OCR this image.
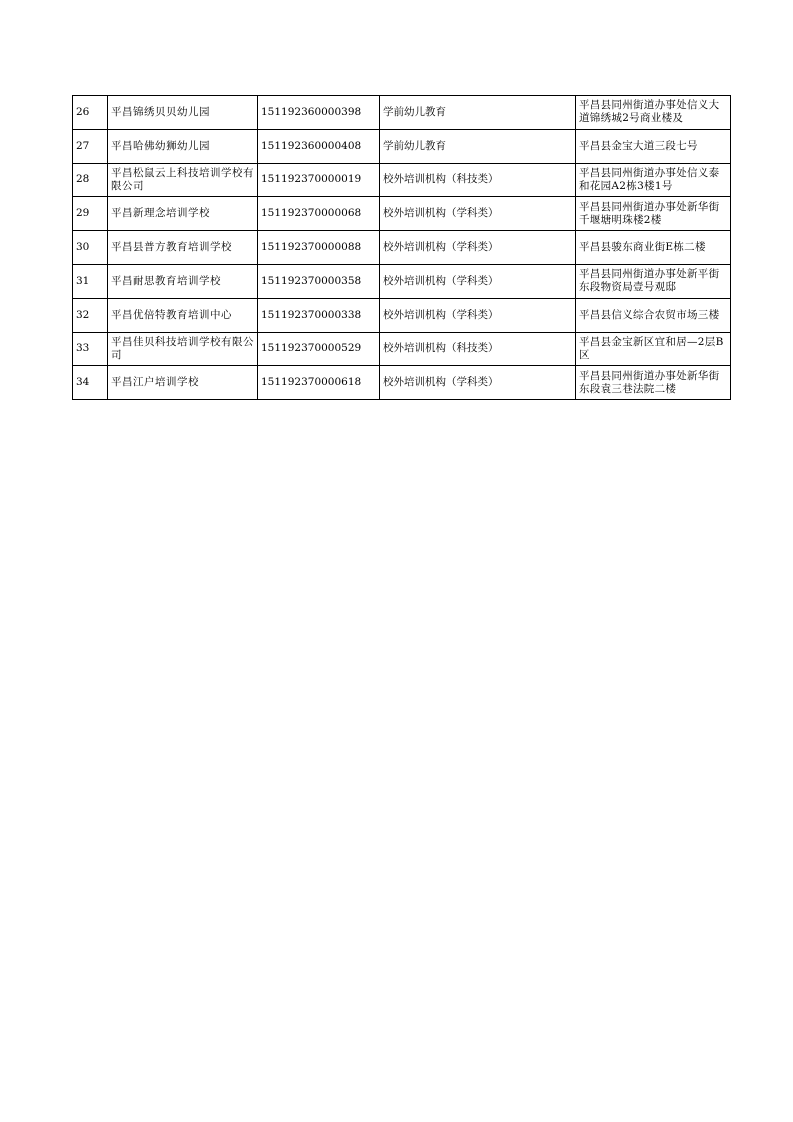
26	平昌锦绣贝贝幼儿园	151192360000398	学前幼儿教育	平昌县同州街道办事处信义大道锦绣城2号商业楼及

27	平昌哈佛幼狮幼儿园	151192360000408	学前幼儿教育	平昌县金宝大道三段七号

28	平昌松鼠云上科技培训学校有限公司	151192370000019	校外培训机构（科技类）	平昌县同州街道办事处信义泰和花园A2栋3楼1号

29	平昌新理念培训学校	151192370000068	校外培训机构（学科类）	平昌县同州街道办事处新华街千堰塘明珠楼2楼

30	平昌县普方教育培训学校	151192370000088	校外培训机构（学科类）	平昌县骏东商业街E栋二楼

31	平昌耐思教育培训学校	151192370000358	校外培训机构（学科类）	平昌县同州街道办事处新平街东段物资局壹号观邸

32	平昌优倍特教育培训中心	151192370000338	校外培训机构（学科类）	平昌县信义综合农贸市场三楼

33	平昌佳贝科技培训学校有限公司	151192370000529	校外培训机构（科技类）	平昌县金宝新区宜和居—2层B区

34	平昌江户培训学校	151192370000618	校外培训机构（学科类）	平昌县同州街道办事处新华街东段袁三巷法院二楼
